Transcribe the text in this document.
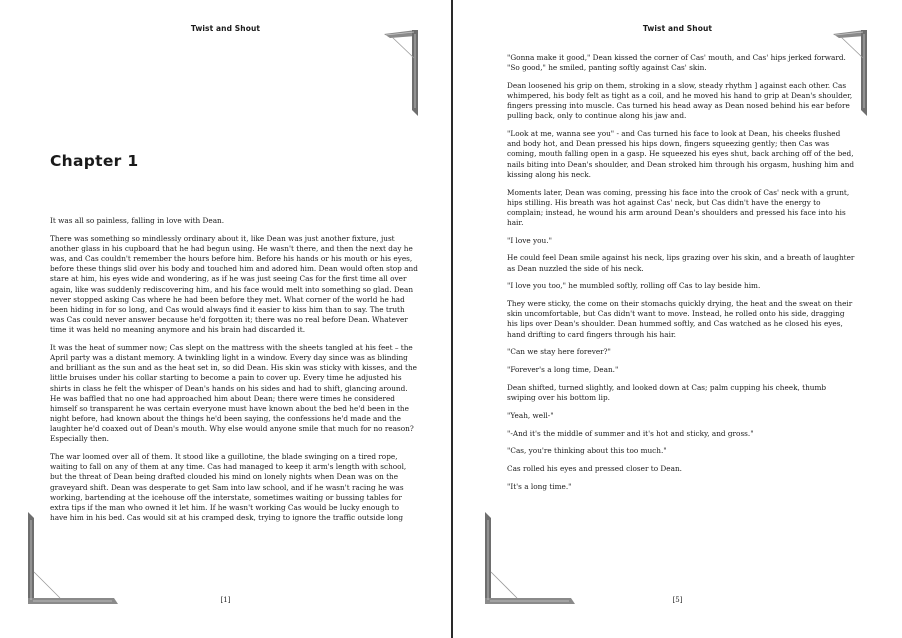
Twist and Shout
Chapter 1

It was all so painless, falling in love with Dean.

There was something so mindlessly ordinary about it, like Dean was just another fixture, just another glass in his cupboard that he had begun using. He wasn't there, and then the next day he was, and Cas couldn't remember the hours before him. Before his hands or his mouth or his eyes, before these things slid over his body and touched him and adored him. Dean would often stop and stare at him, his eyes wide and wondering, as if he was just seeing Cas for the first time all over again, like was suddenly rediscovering him, and his face would melt into something so glad. Dean never stopped asking Cas where he had been before they met. What corner of the world he had been hiding in for so long, and Cas would always find it easier to kiss him than to say. The truth was Cas could never answer because he'd forgotten it; there was no real before Dean. Whatever time it was held no meaning anymore and his brain had discarded it.

It was the heat of summer now; Cas slept on the mattress with the sheets tangled at his feet – the April party was a distant memory. A twinkling light in a window. Every day since was as blinding and brilliant as the sun and as the heat set in, so did Dean. His skin was sticky with kisses, and the little bruises under his collar starting to become a pain to cover up. Every time he adjusted his shirts in class he felt the whisper of Dean's hands on his sides and had to shift, glancing around. He was baffled that no one had approached him about Dean; there were times he considered himself so transparent he was certain everyone must have known about the bed he'd been in the night before, had known about the things he'd been saying, the confessions he'd made and the laughter he'd coaxed out of Dean's mouth. Why else would anyone smile that much for no reason? Especially then.

The war loomed over all of them. It stood like a guillotine, the blade swinging on a tired rope, waiting to fall on any of them at any time. Cas had managed to keep it arm's length with school, but the threat of Dean being drafted clouded his mind on lonely nights when Dean was on the graveyard shift. Dean was desperate to get Sam into law school, and if he wasn't racing he was working, bartending at the icehouse off the interstate, sometimes waiting or bussing tables for extra tips if the man who owned it let him. If he wasn't working Cas would be lucky enough to have him in his bed. Cas would sit at his cramped desk, trying to ignore the traffic outside long

[1]
Twist and Shout

"Gonna make it good," Dean kissed the corner of Cas' mouth, and Cas' hips jerked forward. "So good," he smiled, panting softly against Cas' skin.

Dean loosened his grip on them, stroking in a slow, steady rhythm ] against each other. Cas whimpered, his body felt as tight as a coil, and he moved his hand to grip at Dean's shoulder, fingers pressing into muscle. Cas turned his head away as Dean nosed behind his ear before pulling back, only to continue along his jaw and.

"Look at me, wanna see you" - and Cas turned his face to look at Dean, his cheeks flushed and body hot, and Dean pressed his hips down, fingers squeezing gently; then Cas was coming, mouth falling open in a gasp. He squeezed his eyes shut, back arching off of the bed, nails biting into Dean's shoulder, and Dean stroked him through his orgasm, hushing him and kissing along his neck.

Moments later, Dean was coming, pressing his face into the crook of Cas' neck with a grunt, hips stilling. His breath was hot against Cas' neck, but Cas didn't have the energy to complain; instead, he wound his arm around Dean's shoulders and pressed his face into his hair.

"I love you."

He could feel Dean smile against his neck, lips grazing over his skin, and a breath of laughter as Dean nuzzled the side of his neck.

"I love you too," he mumbled softly, rolling off Cas to lay beside him.

They were sticky, the come on their stomachs quickly drying, the heat and the sweat on their skin uncomfortable, but Cas didn't want to move. Instead, he rolled onto his side, dragging his lips over Dean's shoulder. Dean hummed softly, and Cas watched as he closed his eyes, hand drifting to card fingers through his hair.

"Can we stay here forever?"

"Forever's a long time, Dean."

Dean shifted, turned slightly, and looked down at Cas; palm cupping his cheek, thumb swiping over his bottom lip.

"Yeah, well-"

"-And it's the middle of summer and it's hot and sticky, and gross."

"Cas, you're thinking about this too much."

Cas rolled his eyes and pressed closer to Dean.

"It's a long time."

[5]
